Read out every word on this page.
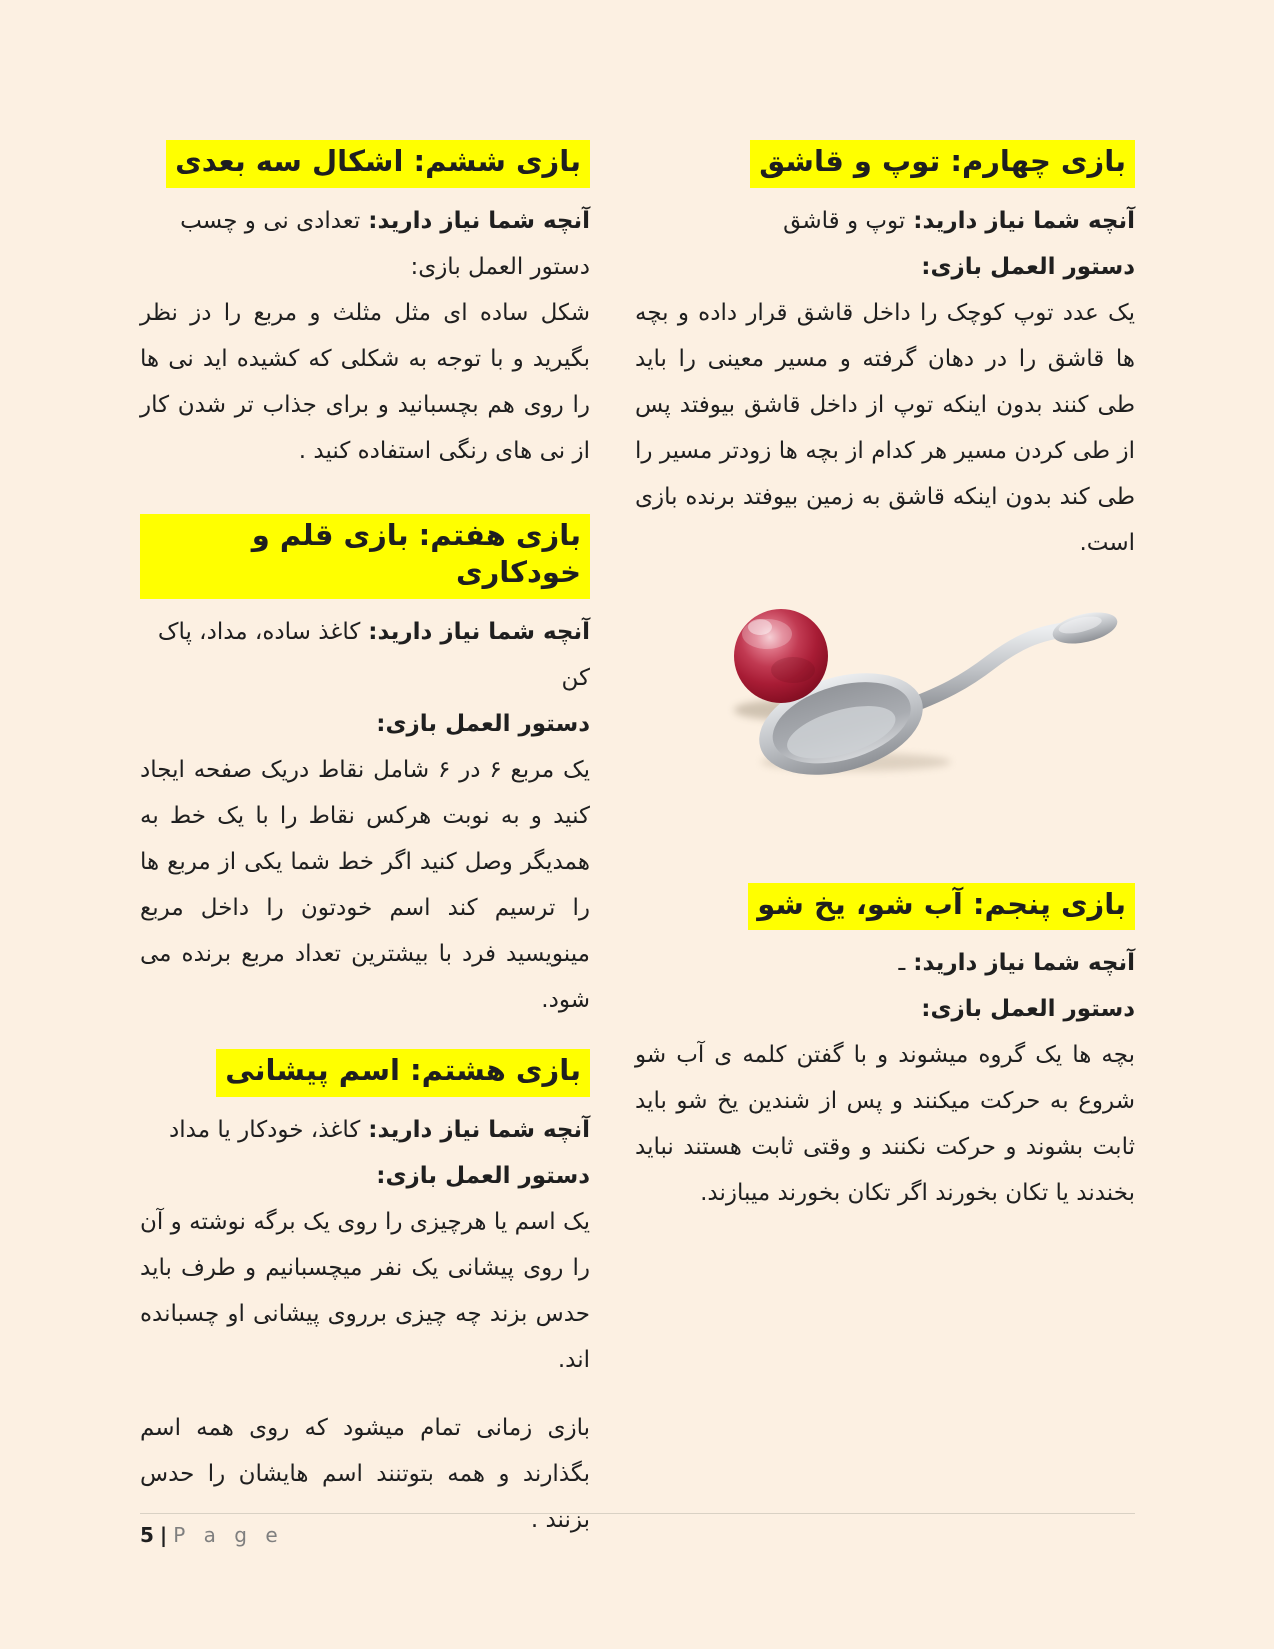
بازی چهارم: توپ و قاشق

آنچه شما نیاز دارید:توپ و قاشق

دستور العمل بازی:

یک عدد توپ کوچک را داخل قاشق قرار داده و بچه ها قاشق را در دهان گرفته و مسیر معینی را باید طی کنند بدون اینکه توپ از داخل قاشق بیوفتد پس از طی کردن مسیر هر کدام از بچه ها زودتر مسیر را طی کند بدون اینکه قاشق به زمین بیوفتد برنده بازی است.

بازی پنجم: آب شو، یخ شو

آنچه شما نیاز دارید:ـ

دستور العمل بازی:

بچه ها یک گروه میشوند و با گفتن کلمه ی آب شو شروع به حرکت میکنند و پس از شندین یخ شو باید ثابت بشوند و حرکت نکنند و وقتی ثابت هستند نباید بخندند یا تکان بخورند اگر تکان بخورند میبازند.

بازی ششم: اشکال سه بعدی

آنچه شما نیاز دارید:تعدادی نی و چسب

دستور العمل بازی:

شکل ساده ای مثل مثلث و مربع را دز نظر بگیرید و با توجه به شکلی که کشیده اید نی ها را روی هم بچسبانید و برای جذاب تر شدن کار از نی های رنگی استفاده کنید .

بازی هفتم: بازی قلم و خودکاری

آنچه شما نیاز دارید:کاغذ ساده، مداد، پاک کن

دستور العمل بازی:

یک مربع ۶ در ۶ شامل نقاط دریک صفحه ایجاد کنید و به نوبت هرکس نقاط را با یک خط به همدیگر وصل کنید اگر خط شما یکی از مربع ها را ترسیم کند اسم خودتون را داخل مربع مینویسید فرد با بیشترین تعداد مربع برنده می شود.

بازی هشتم: اسم پیشانی

آنچه شما نیاز دارید:کاغذ، خودکار یا مداد

دستور العمل بازی:

یک اسم یا هرچیزی را روی یک برگه نوشته و آن را روی پیشانی یک نفر میچسبانیم و طرف باید حدس بزند چه چیزی برروی پیشانی او چسبانده اند.

بازی زمانی تمام میشود که روی همه اسم بگذارند و همه بتوتنند اسم هایشان را حدس بزنند .

5 | P a g e
